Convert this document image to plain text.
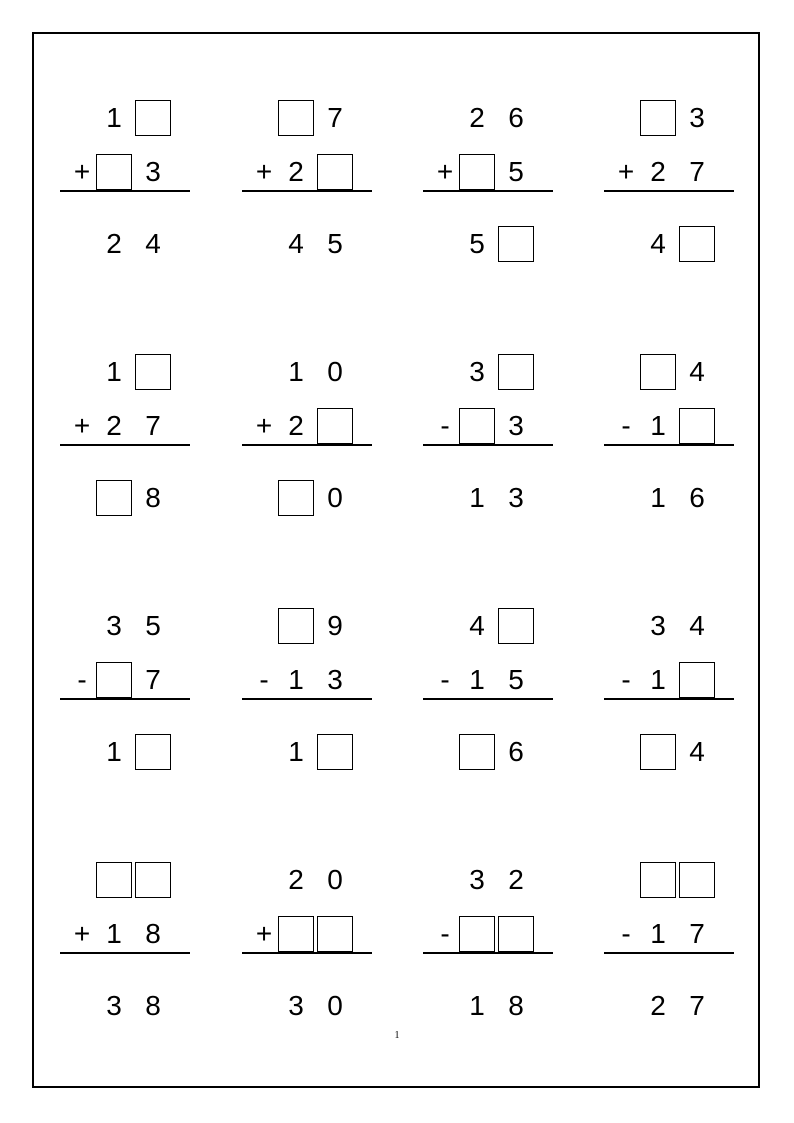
1
+ 3
2 4
7
+ 2
4 5
2 6
+ 5
5
3
+ 2 7
4
1
+ 2 7
8
1 0
+ 2
0
3
-	3
1 3
4
- 1
1 6
3 5
-	7
1
9
- 1 3
1
4
- 1 5
6
3 4
- 1
4
+ 1 8
3 8
2 0
+
3 0
3 2
-
1 8
- 1 7
2 7
1
